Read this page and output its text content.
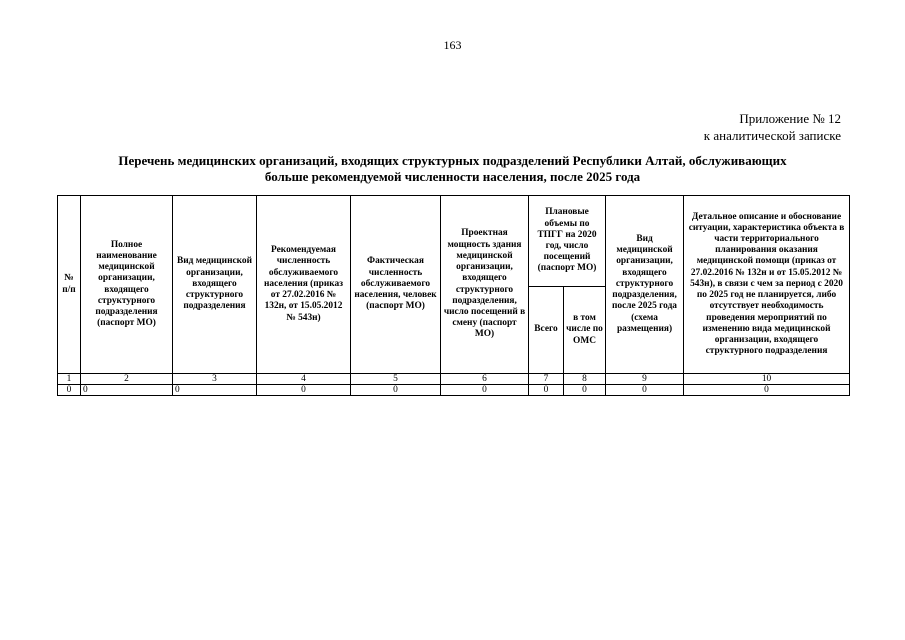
163
Приложение № 12
к аналитической записке
Перечень медицинских организаций, входящих структурных подразделений Республики Алтай, обслуживающих
больше рекомендуемой численности населения, после 2025 года
№ п/п	Полное наименование медицинской организации, входящего структурного подразделения (паспорт МО)	Вид медицинской организации, входящего структурного подразделения	Рекомендуемая численность обслуживаемого населения (приказ от 27.02.2016 № 132н, от 15.05.2012 № 543н)	Фактическая численность обслуживаемого населения, человек (паспорт МО)	Проектная мощность здания медицинской организации, входящего структурного подразделения, число посещений в смену (паспорт МО)	Плановые объемы по ТПГГ на 2020 год, число посещений (паспорт МО)		Вид медицинской организации, входящего структурного подразделения, после 2025 года (схема размещения)	Детальное описание и обоснование ситуации, характеристика объекта в части территориального планирования оказания медицинской помощи (приказ от 27.02.2016 № 132н и от 15.05.2012 № 543н), в связи с чем за период с 2020 по 2025 год не планируется, либо отсутствует необходимость проведения мероприятий по изменению вида медицинской организации, входящего структурного подразделения
						Всего	в том числе по ОМС		
1	2	3	4	5	6	7	8	9	10
0	0	0	0	0	0	0	0	0	0
